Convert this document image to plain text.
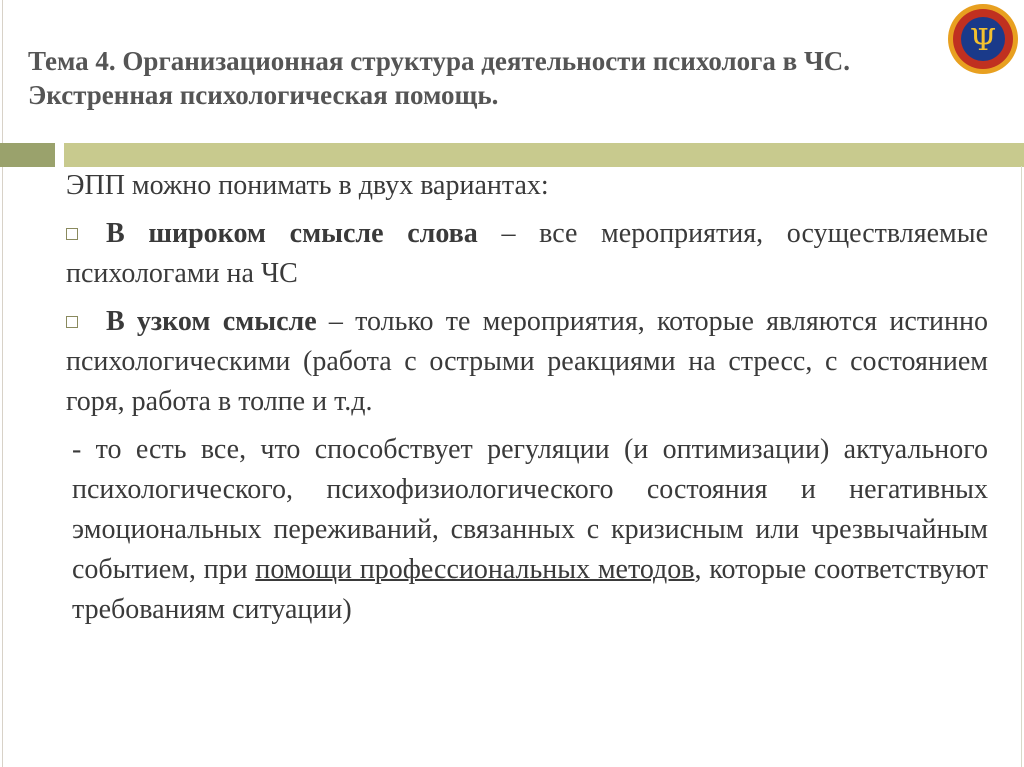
Тема 4. Организационная структура деятельности психолога в ЧС.
Экстренная психологическая помощь.
Ψ
ЭПП можно понимать в двух вариантах:
В широком смысле слова – все мероприятия, осуществляемые психологами на ЧС
В узком смысле – только те мероприятия, которые являются истинно психологическими (работа с острыми реакциями на стресс, с состоянием горя, работа в толпе и т.д.
- то есть все, что способствует регуляции (и оптимизации) актуального психологического, психофизиологического состояния и негативных эмоциональных переживаний, связанных с кризисным или чрезвычайным событием, при помощи профессиональных методов, которые соответствуют требованиям ситуации)
